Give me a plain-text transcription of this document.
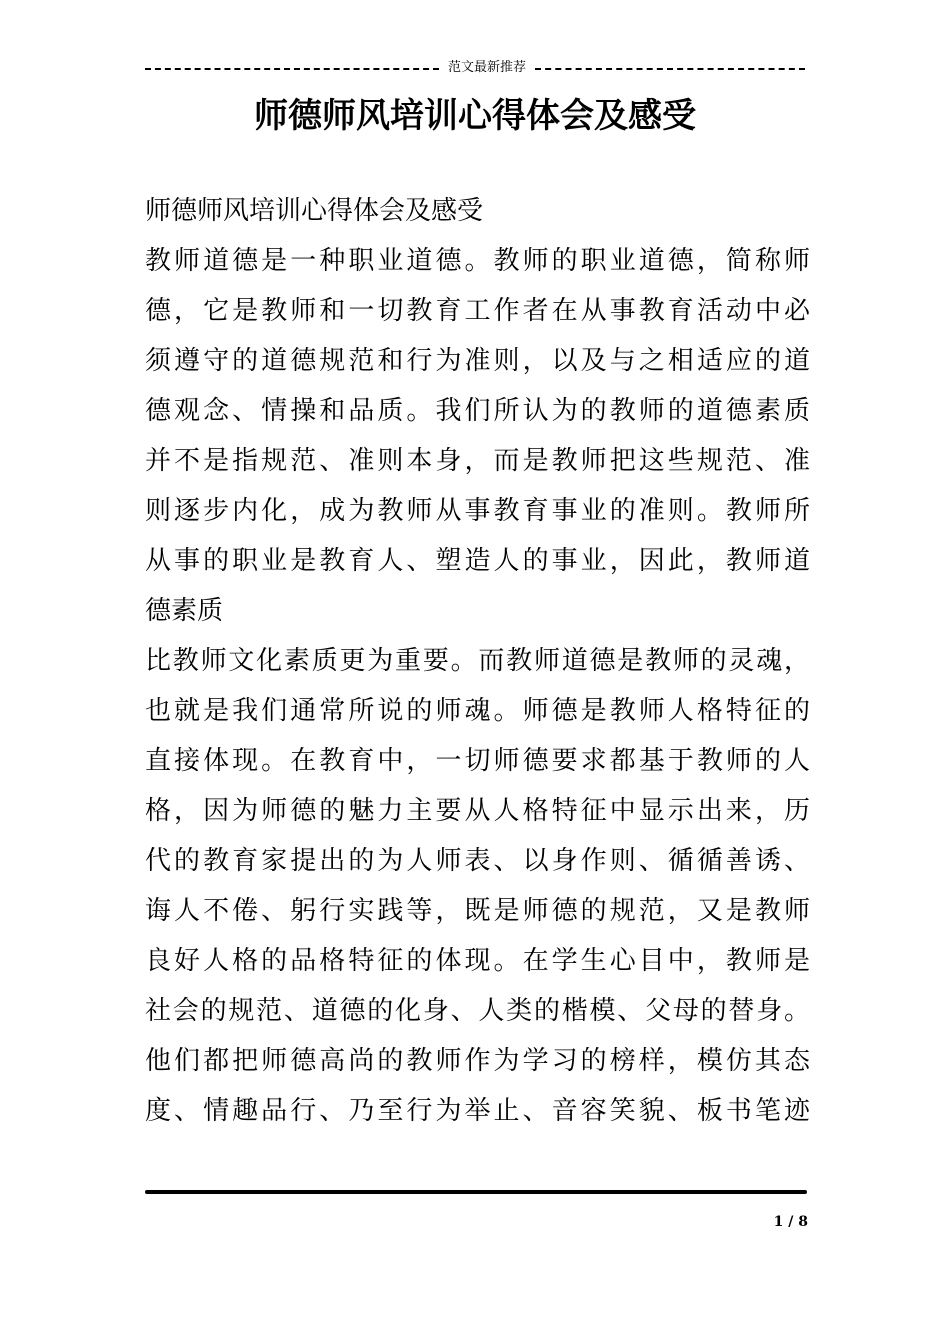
范文最新推荐
师德师风培训心得体会及感受
师德师风培训心得体会及感受
教师道德是一种职业道德。教师的职业道德，简称师
德，它是教师和一切教育工作者在从事教育活动中必
须遵守的道德规范和行为准则，以及与之相适应的道
德观念、情操和品质。我们所认为的教师的道德素质
并不是指规范、准则本身，而是教师把这些规范、准
则逐步内化，成为教师从事教育事业的准则。教师所
从事的职业是教育人、塑造人的事业，因此，教师道
德素质
比教师文化素质更为重要。而教师道德是教师的灵魂，
也就是我们通常所说的师魂。师德是教师人格特征的
直接体现。在教育中，一切师德要求都基于教师的人
格，因为师德的魅力主要从人格特征中显示出来，历
代的教育家提出的为人师表、以身作则、循循善诱、
诲人不倦、躬行实践等，既是师德的规范，又是教师
良好人格的品格特征的体现。在学生心目中，教师是
社会的规范、道德的化身、人类的楷模、父母的替身。
他们都把师德高尚的教师作为学习的榜样，模仿其态
度、情趣品行、乃至行为举止、音容笑貌、板书笔迹
1 / 8
